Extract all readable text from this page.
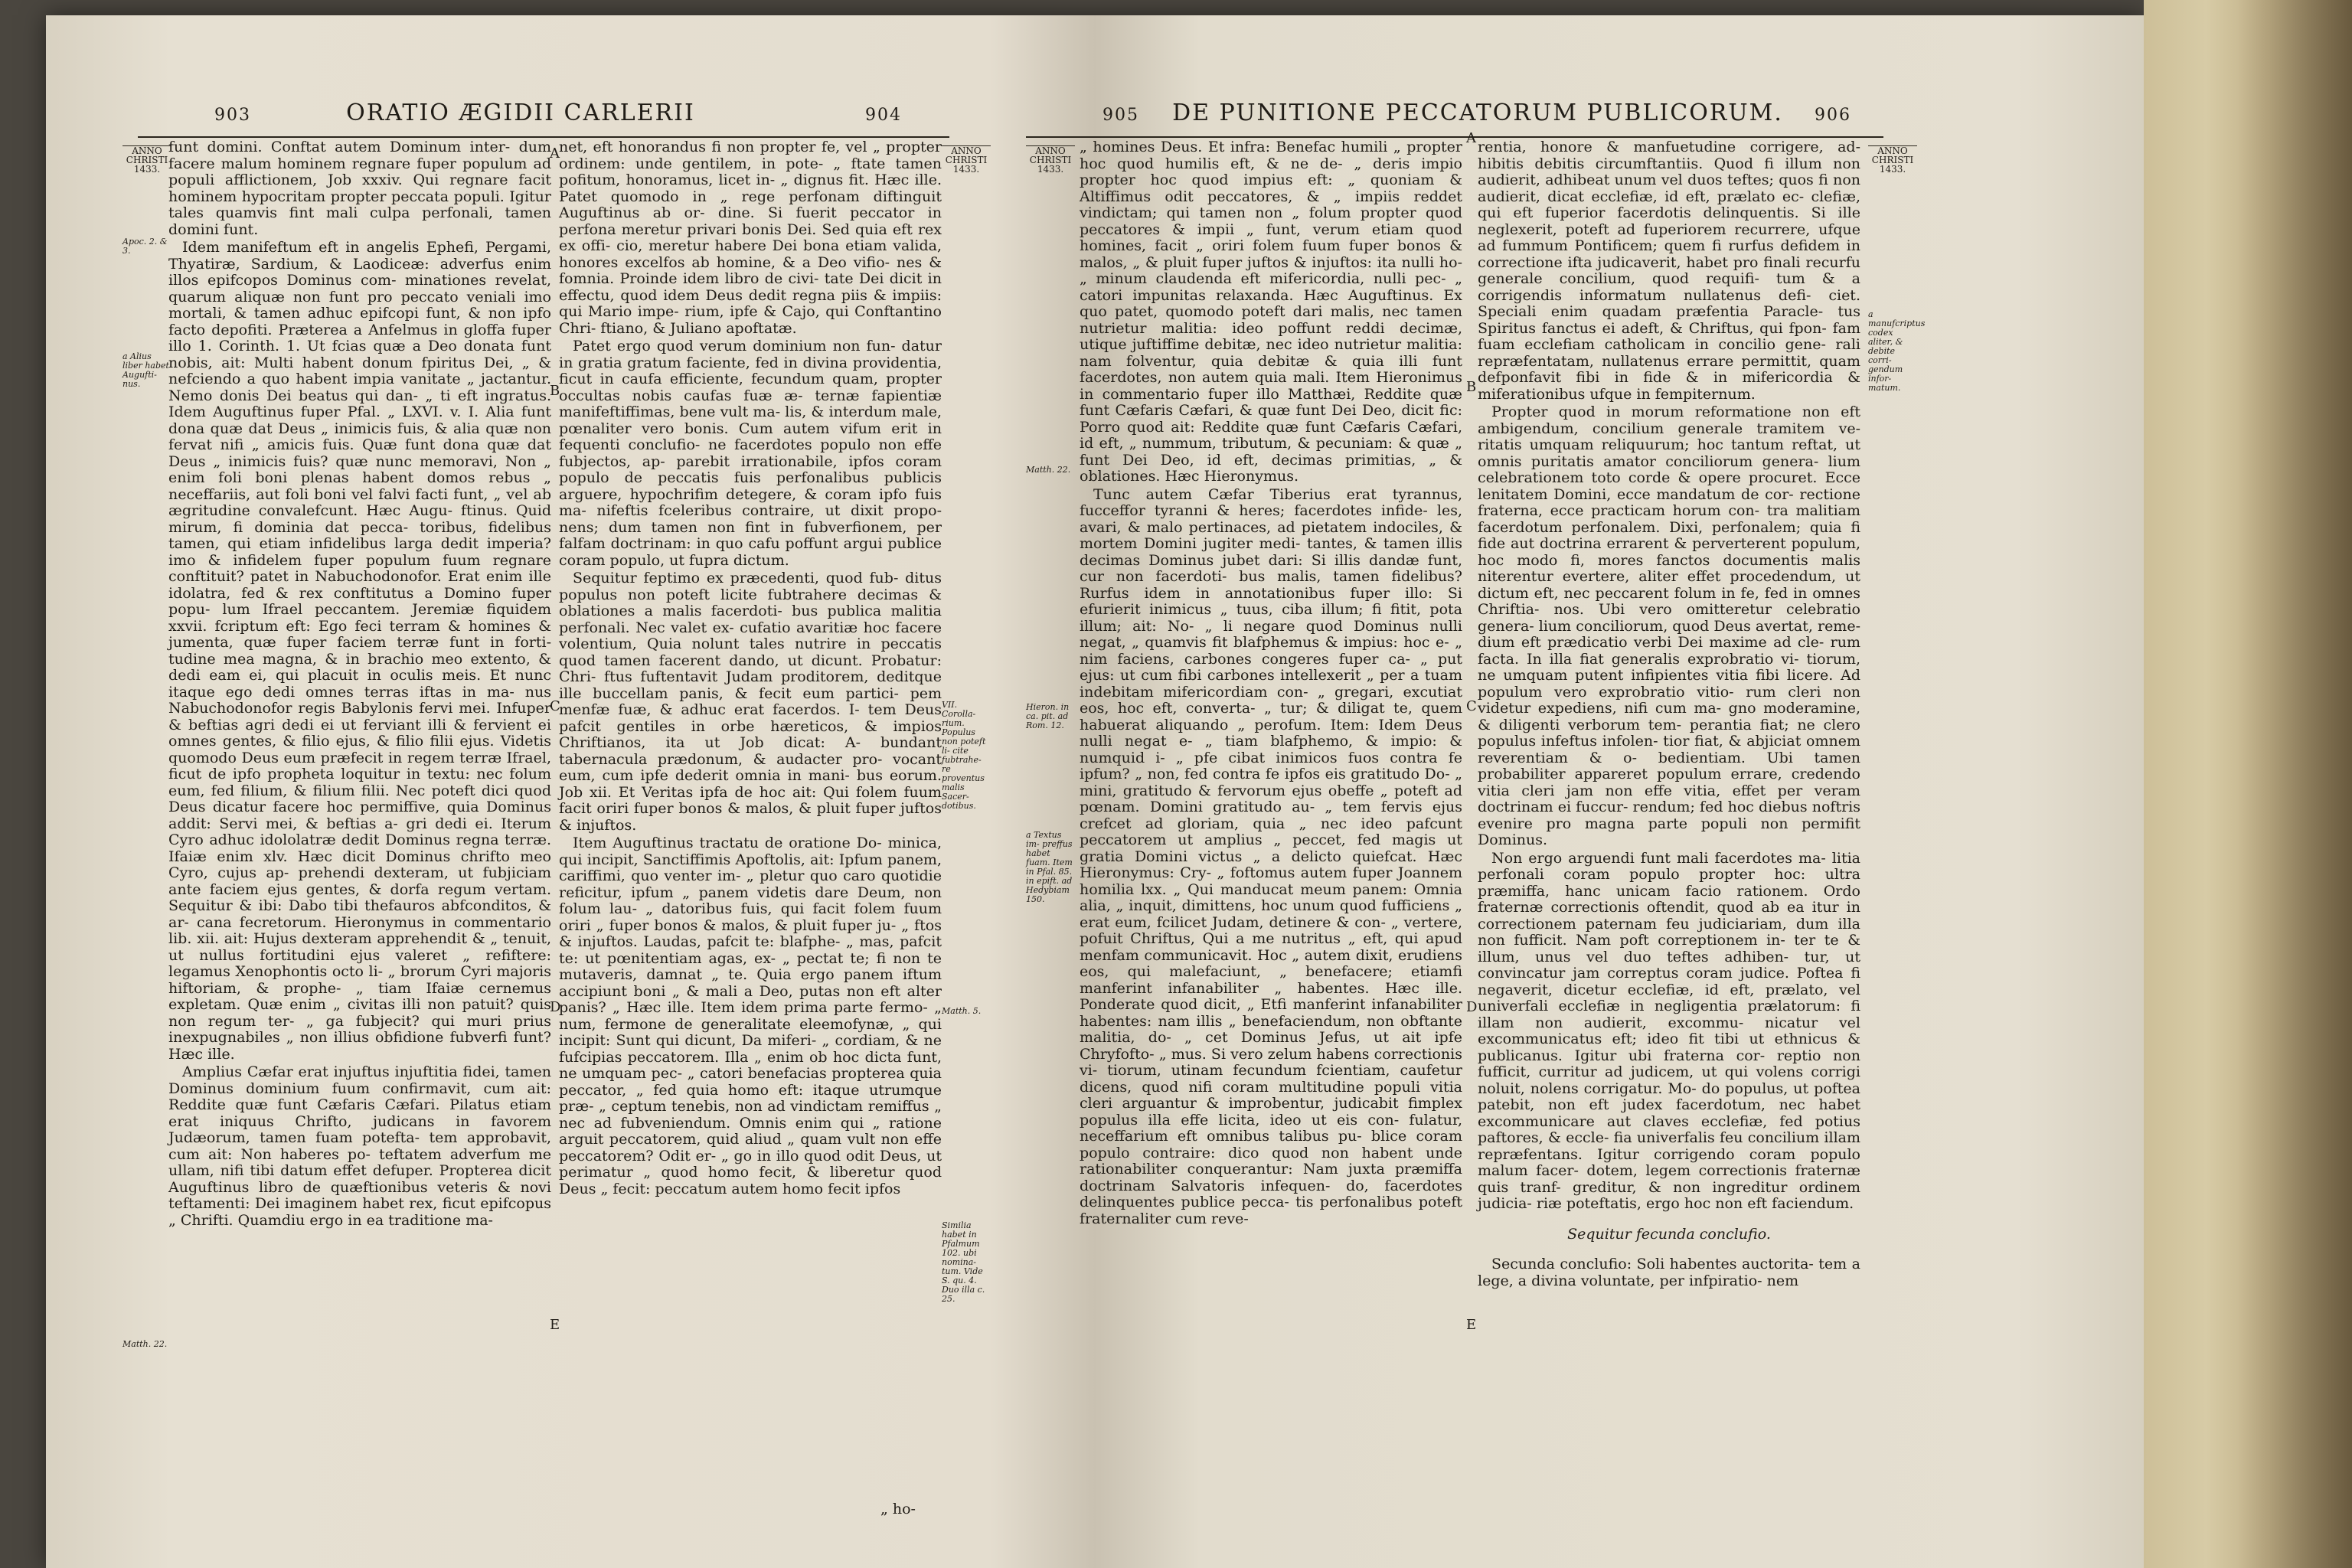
903	ORATIO ÆGIDII CARLERII	904
ANNO
CHRISTI
1433.
ANNO
CHRISTI
1433.
Apoc. 2. & 3.
a Alius liber habet Augufti- nus.
Matth. 22.
VII. Corolla- rium. Populus non poteft li- cite fubtrahe- re proventus malis Sacer- dotibus.
Matth. 5.
Similia habet in Pfalmum 102. ubi nomina- tum. Vide S. qu. 4. Duo illa c. 25.
A
B
C
D
E

funt domini. Conftat autem Dominum inter- dum facere malum hominem regnare fuper populum ad populi afflictionem, Job xxxiv. Qui regnare facit hominem hypocritam propter peccata populi. Igitur tales quamvis fint mali culpa perfonali, tamen domini funt.

Idem manifeftum eft in angelis Ephefi, Pergami, Thyatiræ, Sardium, & Laodiceæ: adverfus enim illos epifcopos Dominus com- minationes revelat, quarum aliquæ non funt pro peccato veniali imo mortali, & tamen adhuc epifcopi funt, & non ipfo facto depofiti. Præterea a Anfelmus in gloffa fuper illo 1. Corinth. 1. Ut fcias quæ a Deo donata funt nobis, ait: Multi habent donum fpiritus Dei, „ & nefciendo a quo habent impia vanitate „ jactantur. Nemo donis Dei beatus qui dan- „ ti eft ingratus. Idem Auguftinus fuper Pfal. „ LXVI. v. I. Alia funt dona quæ dat Deus „ inimicis fuis, & alia quæ non fervat nifi „ amicis fuis. Quæ funt dona quæ dat Deus „ inimicis fuis? quæ nunc memoravi, Non „ enim foli boni plenas habent domos rebus „ neceffariis, aut foli boni vel falvi facti funt, „ vel ab ægritudine convalefcunt. Hæc Augu- ftinus. Quid mirum, fi dominia dat pecca- toribus, fidelibus tamen, qui etiam infidelibus larga dedit imperia? imo & infidelem fuper populum fuum regnare conftituit? patet in Nabuchodonofor. Erat enim ille idolatra, fed & rex conftitutus a Domino fuper popu- lum Ifrael peccantem. Jeremiæ fiquidem xxvii. fcriptum eft: Ego feci terram & homines & jumenta, quæ fuper faciem terræ funt in forti- tudine mea magna, & in brachio meo extento, & dedi eam ei, qui placuit in oculis meis. Et nunc itaque ego dedi omnes terras iftas in ma- nus Nabuchodonofor regis Babylonis fervi mei. Infuper & beftias agri dedi ei ut ferviant illi & fervient ei omnes gentes, & filio ejus, & filio filii ejus. Videtis quomodo Deus eum præfecit in regem terræ Ifrael, ficut de ipfo propheta loquitur in textu: nec folum eum, fed filium, & filium filii. Nec poteft dici quod Deus dicatur facere hoc permiffive, quia Dominus addit: Servi mei, & beftias a- gri dedi ei. Iterum Cyro adhuc idololatræ dedit Dominus regna terræ. Ifaiæ enim xlv. Hæc dicit Dominus chrifto meo Cyro, cujus ap- prehendi dexteram, ut fubjiciam ante faciem ejus gentes, & dorfa regum vertam. Sequitur & ibi: Dabo tibi thefauros abfconditos, & ar- cana fecretorum. Hieronymus in commentario lib. xii. ait: Hujus dexteram apprehendit & „ tenuit, ut nullus fortitudini ejus valeret „ refiftere: legamus Xenophontis octo li- „ brorum Cyri majoris hiftoriam, & prophe- „ tiam Ifaiæ cernemus expletam. Quæ enim „ civitas illi non patuit? quis non regum ter- „ ga fubjecit? qui muri prius inexpugnabiles „ non illius obfidione fubverfi funt? Hæc ille.

Amplius Cæfar erat injuftus injuftitia fidei, tamen Dominus dominium fuum confirmavit, cum ait: Reddite quæ funt Cæfaris Cæfari. Pilatus etiam erat iniquus Chrifto, judicans in favorem Judæorum, tamen fuam potefta- tem approbavit, cum ait: Non haberes po- teftatem adverfum me ullam, nifi tibi datum effet defuper. Propterea dicit Auguftinus libro de quæftionibus veteris & novi teftamenti: Dei imaginem habet rex, ficut epifcopus „ Chrifti. Quamdiu ergo in ea traditione ma-

net, eft honorandus fi non propter fe, vel „ propter ordinem: unde gentilem, in pote- „ ftate tamen pofitum, honoramus, licet in- „ dignus fit. Hæc ille. Patet quomodo in „ rege perfonam diftinguit Auguftinus ab or- dine. Si fuerit peccator in perfona meretur privari bonis Dei. Sed quia eft rex ex offi- cio, meretur habere Dei bona etiam valida, honores excelfos ab homine, & a Deo vifio- nes & fomnia. Proinde idem libro de civi- tate Dei dicit in effectu, quod idem Deus dedit regna piis & impiis: qui Mario impe- rium, ipfe & Cajo, qui Conftantino Chri- ftiano, & Juliano apoftatæ.

Patet ergo quod verum dominium non fun- datur in gratia gratum faciente, fed in divina providentia, ficut in caufa efficiente, fecundum quam, propter occultas nobis caufas fuæ æ- ternæ fapientiæ manifeftiffimas, bene vult ma- lis, & interdum male, pœnaliter vero bonis. Cum autem vifum erit in fequenti conclufio- ne facerdotes populo non effe fubjectos, ap- parebit irrationabile, ipfos coram populo de peccatis fuis perfonalibus publicis arguere, hypochrifim detegere, & coram ipfo fuis ma- nifeftis fceleribus contraire, ut dixit propo- nens; dum tamen non fint in fubverfionem, per falfam doctrinam: in quo cafu poffunt argui publice coram populo, ut fupra dictum.

Sequitur feptimo ex præcedenti, quod fub- ditus populus non poteft licite fubtrahere decimas & oblationes a malis facerdoti- bus publica malitia perfonali. Nec valet ex- cufatio avaritiæ hoc facere volentium, Quia nolunt tales nutrire in peccatis quod tamen facerent dando, ut dicunt. Probatur: Chri- ftus fuftentavit Judam proditorem, deditque ille buccellam panis, & fecit eum partici- pem menfæ fuæ, & adhuc erat facerdos. I- tem Deus pafcit gentiles in orbe hæreticos, & impios Chriftianos, ita ut Job dicat: A- bundant tabernacula prædonum, & audacter pro- vocant eum, cum ipfe dederit omnia in mani- bus eorum. Job xii. Et Veritas ipfa de hoc ait: Qui folem fuum facit oriri fuper bonos & malos, & pluit fuper juftos & injuftos.

Item Auguftinus tractatu de oratione Do- minica, qui incipit, Sanctiffimis Apoftolis, ait: Ipfum panem, cariffimi, quo venter im- „ pletur quo caro quotidie reficitur, ipfum „ panem videtis dare Deum, non folum lau- „ datoribus fuis, qui facit folem fuum oriri „ fuper bonos & malos, & pluit fuper ju- „ ftos & injuftos. Laudas, pafcit te: blafphe- „ mas, pafcit te: ut pœnitentiam agas, ex- „ pectat te; fi non te mutaveris, damnat „ te. Quia ergo panem iftum accipiunt boni „ & mali a Deo, putas non eft alter panis? „ Hæc ille. Item idem prima parte fermo- „ num, fermone de generalitate eleemofynæ, „ qui incipit: Sunt qui dicunt, Da miferi- „ cordiam, & ne fufcipias peccatorem. Illa „ enim ob hoc dicta funt, ne umquam pec- „ catori benefacias propterea quia peccator, „ fed quia homo eft: itaque utrumque præ- „ ceptum tenebis, non ad vindictam remiffus „ nec ad fubveniendum. Omnis enim qui „ ratione arguit peccatorem, quid aliud „ quam vult non effe peccatorem? Odit er- „ go in illo quod odit Deus, ut perimatur „ quod homo fecit, & liberetur quod Deus „ fecit: peccatum autem homo fecit ipfos

„ ho-
905	DE PUNITIONE PECCATORUM PUBLICORUM.	906
ANNO
CHRISTI
1433.
ANNO
CHRISTI
1433.
Matth. 22.
Hieron. in ca. pit. ad Rom. 12.
a Textus im- preffus habet fuam. Item in Pfal. 85. in epift. ad Hedybiam 150.
a manufcriptus codex aliter, & debite corri- gendum infor- matum.
A
B
C
D
E

„ homines Deus. Et infra: Benefac humili „ propter hoc quod humilis eft, & ne de- „ deris impio propter hoc quod impius eft: „ quoniam & Altiffimus odit peccatores, & „ impiis reddet vindictam; qui tamen non „ folum propter quod peccatores & impii „ funt, verum etiam quod homines, facit „ oriri folem fuum fuper bonos & malos, „ & pluit fuper juftos & injuftos: ita nulli ho- „ minum claudenda eft mifericordia, nulli pec- „ catori impunitas relaxanda. Hæc Auguftinus. Ex quo patet, quomodo poteft dari malis, nec tamen nutrietur malitia: ideo poffunt reddi decimæ, utique juftiffime debitæ, nec ideo nutrietur malitia: nam folventur, quia debitæ & quia illi funt facerdotes, non autem quia mali. Item Hieronimus in commentario fuper illo Matthæi, Reddite quæ funt Cæfaris Cæfari, & quæ funt Dei Deo, dicit fic: Porro quod ait: Reddite quæ funt Cæfaris Cæfari, id eft, „ nummum, tributum, & pecuniam: & quæ „ funt Dei Deo, id eft, decimas primitias, „ & oblationes. Hæc Hieronymus.

Tunc autem Cæfar Tiberius erat tyrannus, fucceffor tyranni & heres; facerdotes infide- les, avari, & malo pertinaces, ad pietatem indociles, & mortem Domini jugiter medi- tantes, & tamen illis decimas Dominus jubet dari: Si illis dandæ funt, cur non facerdoti- bus malis, tamen fidelibus? Rurfus idem in annotationibus fuper illo: Si efurierit inimicus „ tuus, ciba illum; fi fitit, pota illum; ait: No- „ li negare quod Dominus nulli negat, „ quamvis fit blafphemus & impius: hoc e- „ nim faciens, carbones congeres fuper ca- „ put ejus: ut cum fibi carbones intellexerit „ per a tuam indebitam mifericordiam con- „ gregari, excutiat eos, hoc eft, converta- „ tur; & diligat te, quem habuerat aliquando „ perofum. Item: Idem Deus nulli negat e- „ tiam blafphemo, & impio: & numquid i- „ pfe cibat inimicos fuos contra fe ipfum? „ non, fed contra fe ipfos eis gratitudo Do- „ mini, gratitudo & fervorum ejus obeffe „ poteft ad pœnam. Domini gratitudo au- „ tem fervis ejus crefcet ad gloriam, quia „ nec ideo pafcunt peccatorem ut amplius „ peccet, fed magis ut gratia Domini victus „ a delicto quiefcat. Hæc Hieronymus: Cry- „ foftomus autem fuper Joannem homilia lxx. „ Qui manducat meum panem: Omnia alia, „ inquit, dimittens, hoc unum quod fufficiens „ erat eum, fcilicet Judam, detinere & con- „ vertere, pofuit Chriftus, Qui a me nutritus „ eft, qui apud menfam communicavit. Hoc „ autem dixit, erudiens eos, qui malefaciunt, „ benefacere; etiamfi manferint infanabiliter „ habentes. Hæc ille. Ponderate quod dicit, „ Etfi manferint infanabiliter habentes: nam illis „ benefaciendum, non obftante malitia, do- „ cet Dominus Jefus, ut ait ipfe Chryfofto- „ mus. Si vero zelum habens correctionis vi- tiorum, utinam fecundum fcientiam, caufetur dicens, quod nifi coram multitudine populi vitia cleri arguantur & improbentur, judicabit fimplex populus illa effe licita, ideo ut eis con- fulatur, neceffarium eft omnibus talibus pu- blice coram populo contraire: dico quod non habent unde rationabiliter conquerantur: Nam juxta præmiffa doctrinam Salvatoris infequen- do, facerdotes delinquentes publice pecca- tis perfonalibus poteft fraternaliter cum reve-

rentia, honore & manfuetudine corrigere, ad- hibitis debitis circumftantiis. Quod fi illum non audierit, adhibeat unum vel duos teftes; quos fi non audierit, dicat ecclefiæ, id eft, prælato ec- clefiæ, qui eft fuperior facerdotis delinquentis. Si ille neglexerit, poteft ad fuperiorem recurrere, ufque ad fummum Pontificem; quem fi rurfus defidem in correctione ifta judicaverit, habet pro finali recurfu generale concilium, quod requifi- tum & a corrigendis informatum nullatenus defi- ciet. Speciali enim quadam præfentia Paracle- tus Spiritus fanctus ei adeft, & Chriftus, qui fpon- fam fuam ecclefiam catholicam in concilio gene- rali repræfentatam, nullatenus errare permittit, quam defponfavit fibi in fide & in mifericordia & miferationibus ufque in fempiternum.

Propter quod in morum reformatione non eft ambigendum, concilium generale tramitem ve- ritatis umquam reliquurum; hoc tantum reftat, ut omnis puritatis amator conciliorum genera- lium celebrationem toto corde & opere procuret. Ecce lenitatem Domini, ecce mandatum de cor- rectione fraterna, ecce practicam horum con- tra malitiam facerdotum perfonalem. Dixi, perfonalem; quia fi fide aut doctrina errarent & perverterent populum, hoc modo fi, mores fanctos documentis malis niterentur evertere, aliter effet procedendum, ut dictum eft, nec peccarent folum in fe, fed in omnes Chriftia- nos. Ubi vero omitteretur celebratio genera- lium conciliorum, quod Deus avertat, reme- dium eft prædicatio verbi Dei maxime ad cle- rum facta. In illa fiat generalis exprobratio vi- tiorum, ne umquam putent infipientes vitia fibi licere. Ad populum vero exprobratio vitio- rum cleri non videtur expediens, nifi cum ma- gno moderamine, & diligenti verborum tem- perantia fiat; ne clero populus infeftus infolen- tior fiat, & abjiciat omnem reverentiam & o- bedientiam. Ubi tamen probabiliter appareret populum errare, credendo vitia cleri jam non effe vitia, effet per veram doctrinam ei fuccur- rendum; fed hoc diebus noftris evenire pro magna parte populi non permifit Dominus.

Non ergo arguendi funt mali facerdotes ma- litia perfonali coram populo propter hoc: ultra præmiffa, hanc unicam facio rationem. Ordo fraternæ correctionis oftendit, quod ab ea itur in correctionem paternam feu judiciariam, dum illa non fufficit. Nam poft correptionem in- ter te & illum, unus vel duo teftes adhiben- tur, ut convincatur jam correptus coram judice. Poftea fi negaverit, dicetur ecclefiæ, id eft, prælato, vel univerfali ecclefiæ in negligentia prælatorum: fi illam non audierit, excommu- nicatur vel excommunicatus eft; ideo fit tibi ut ethnicus & publicanus. Igitur ubi fraterna cor- reptio non fufficit, curritur ad judicem, ut qui volens corrigi noluit, nolens corrigatur. Mo- do populus, ut poftea patebit, non eft judex facerdotum, nec habet excommunicare aut claves ecclefiæ, fed potius paftores, & eccle- fia univerfalis feu concilium illam repræfentans. Igitur corrigendo coram populo malum facer- dotem, legem correctionis fraternæ quis tranf- greditur, & non ingreditur ordinem judicia- riæ poteftatis, ergo hoc non eft faciendum.

Sequitur fecunda conclufio.

Secunda conclufio: Soli habentes auctorita- tem a lege, a divina voluntate, per infpiratio- nem
